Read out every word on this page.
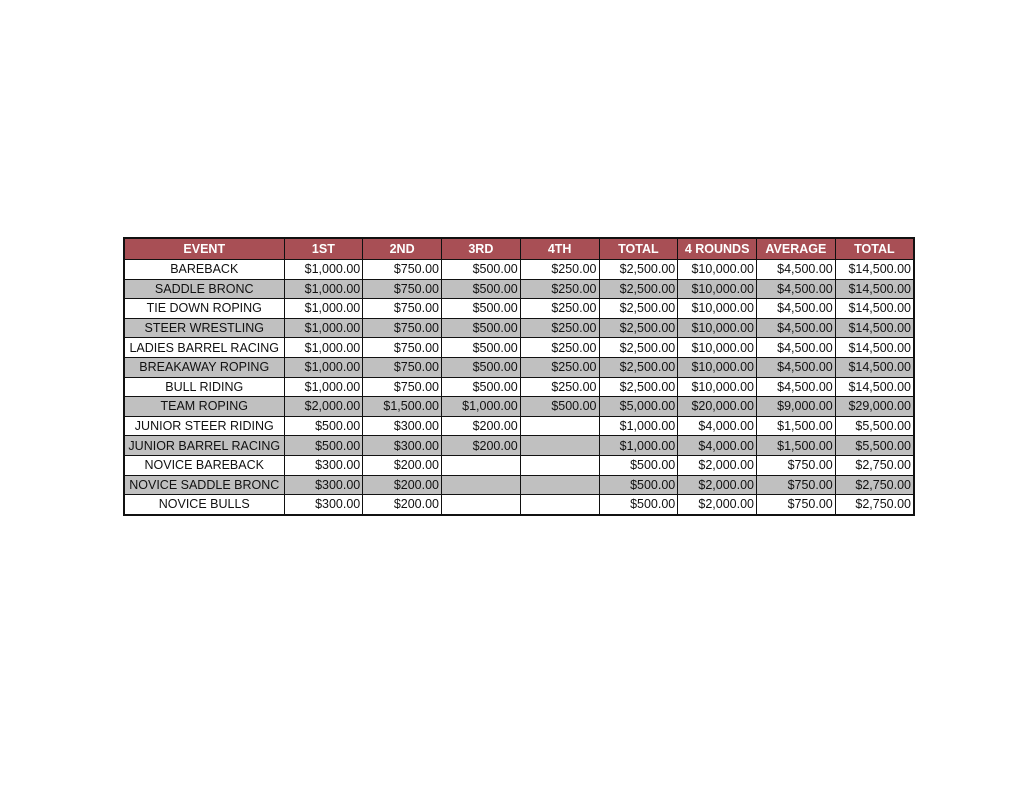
EVENT	1ST	2ND	3RD	4TH	TOTAL	4 ROUNDS	AVERAGE	TOTAL
BAREBACK	$1,000.00	$750.00	$500.00	$250.00	$2,500.00	$10,000.00	$4,500.00	$14,500.00
SADDLE BRONC	$1,000.00	$750.00	$500.00	$250.00	$2,500.00	$10,000.00	$4,500.00	$14,500.00
TIE DOWN ROPING	$1,000.00	$750.00	$500.00	$250.00	$2,500.00	$10,000.00	$4,500.00	$14,500.00
STEER WRESTLING	$1,000.00	$750.00	$500.00	$250.00	$2,500.00	$10,000.00	$4,500.00	$14,500.00
LADIES BARREL RACING	$1,000.00	$750.00	$500.00	$250.00	$2,500.00	$10,000.00	$4,500.00	$14,500.00
BREAKAWAY ROPING	$1,000.00	$750.00	$500.00	$250.00	$2,500.00	$10,000.00	$4,500.00	$14,500.00
BULL RIDING	$1,000.00	$750.00	$500.00	$250.00	$2,500.00	$10,000.00	$4,500.00	$14,500.00
TEAM ROPING	$2,000.00	$1,500.00	$1,000.00	$500.00	$5,000.00	$20,000.00	$9,000.00	$29,000.00
JUNIOR STEER RIDING	$500.00	$300.00	$200.00		$1,000.00	$4,000.00	$1,500.00	$5,500.00
JUNIOR BARREL RACING	$500.00	$300.00	$200.00		$1,000.00	$4,000.00	$1,500.00	$5,500.00
NOVICE BAREBACK	$300.00	$200.00			$500.00	$2,000.00	$750.00	$2,750.00
NOVICE SADDLE BRONC	$300.00	$200.00			$500.00	$2,000.00	$750.00	$2,750.00
NOVICE BULLS	$300.00	$200.00			$500.00	$2,000.00	$750.00	$2,750.00
